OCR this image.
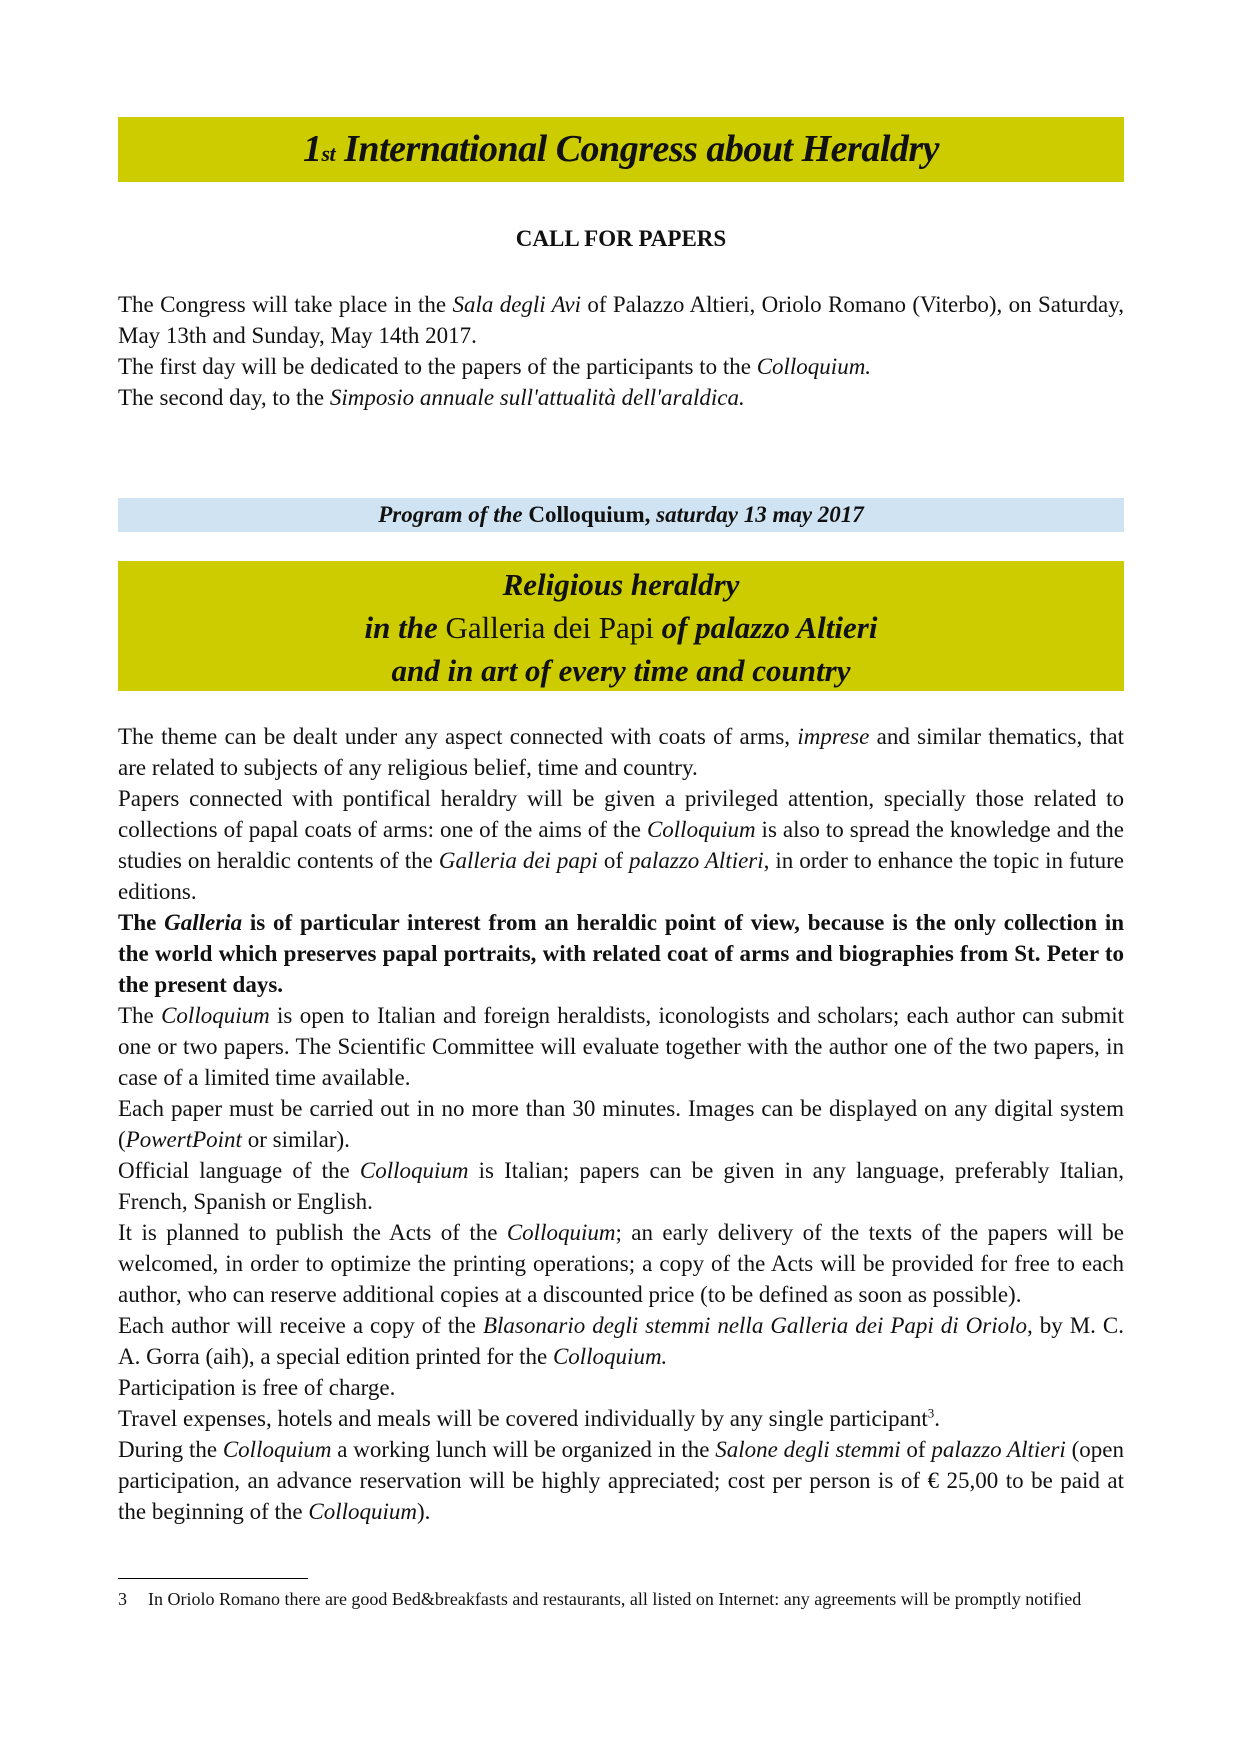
1st International Congress about Heraldry
CALL FOR PAPERS

The Congress will take place in the Sala degli Avi of Palazzo Altieri, Oriolo Romano (Viterbo), on Saturday, May 13th and Sunday, May 14th 2017.

The first day will be dedicated to the papers of the participants to the Colloquium.

The second day, to the Simposio annuale sull'attualità dell'araldica.

Program of the Colloquium, saturday 13 may 2017
Religious heraldry
in the Galleria dei Papi of palazzo Altieri
and in art of every time and country

The theme can be dealt under any aspect connected with coats of arms, imprese and similar thematics, that are related to subjects of any religious belief, time and country.

Papers connected with pontifical heraldry will be given a privileged attention, specially those related to collections of papal coats of arms: one of the aims of the Colloquium is also to spread the knowledge and the studies on heraldic contents of the Galleria dei papi of palazzo Altieri, in order to enhance the topic in future editions.

The Galleria is of particular interest from an heraldic point of view, because is the only collection in the world which preserves papal portraits, with related coat of arms and biographies from St. Peter to the present days.

The Colloquium is open to Italian and foreign heraldists, iconologists and scholars; each author can submit one or two papers. The Scientific Committee will evaluate together with the author one of the two papers, in case of a limited time available.

Each paper must be carried out in no more than 30 minutes. Images can be displayed on any digital system (PowertPoint or similar).

Official language of the Colloquium is Italian; papers can be given in any language, preferably Italian, French, Spanish or English.

It is planned to publish the Acts of the Colloquium; an early delivery of the texts of the papers will be welcomed, in order to optimize the printing operations; a copy of the Acts will be provided for free to each author, who can reserve additional copies at a discounted price (to be defined as soon as possible).

Each author will receive a copy of the Blasonario degli stemmi nella Galleria dei Papi di Oriolo, by M. C. A. Gorra (aih), a special edition printed for the Colloquium.

Participation is free of charge.

Travel expenses, hotels and meals will be covered individually by any single participant$^3$.

During the Colloquium a working lunch will be organized in the Salone degli stemmi of palazzo Altieri (open participation, an advance reservation will be highly appreciated; cost per person is of € 25,00 to be paid at the beginning of the Colloquium).

3 In Oriolo Romano there are good Bed&breakfasts and restaurants, all listed on Internet: any agreements will be promptly notified
